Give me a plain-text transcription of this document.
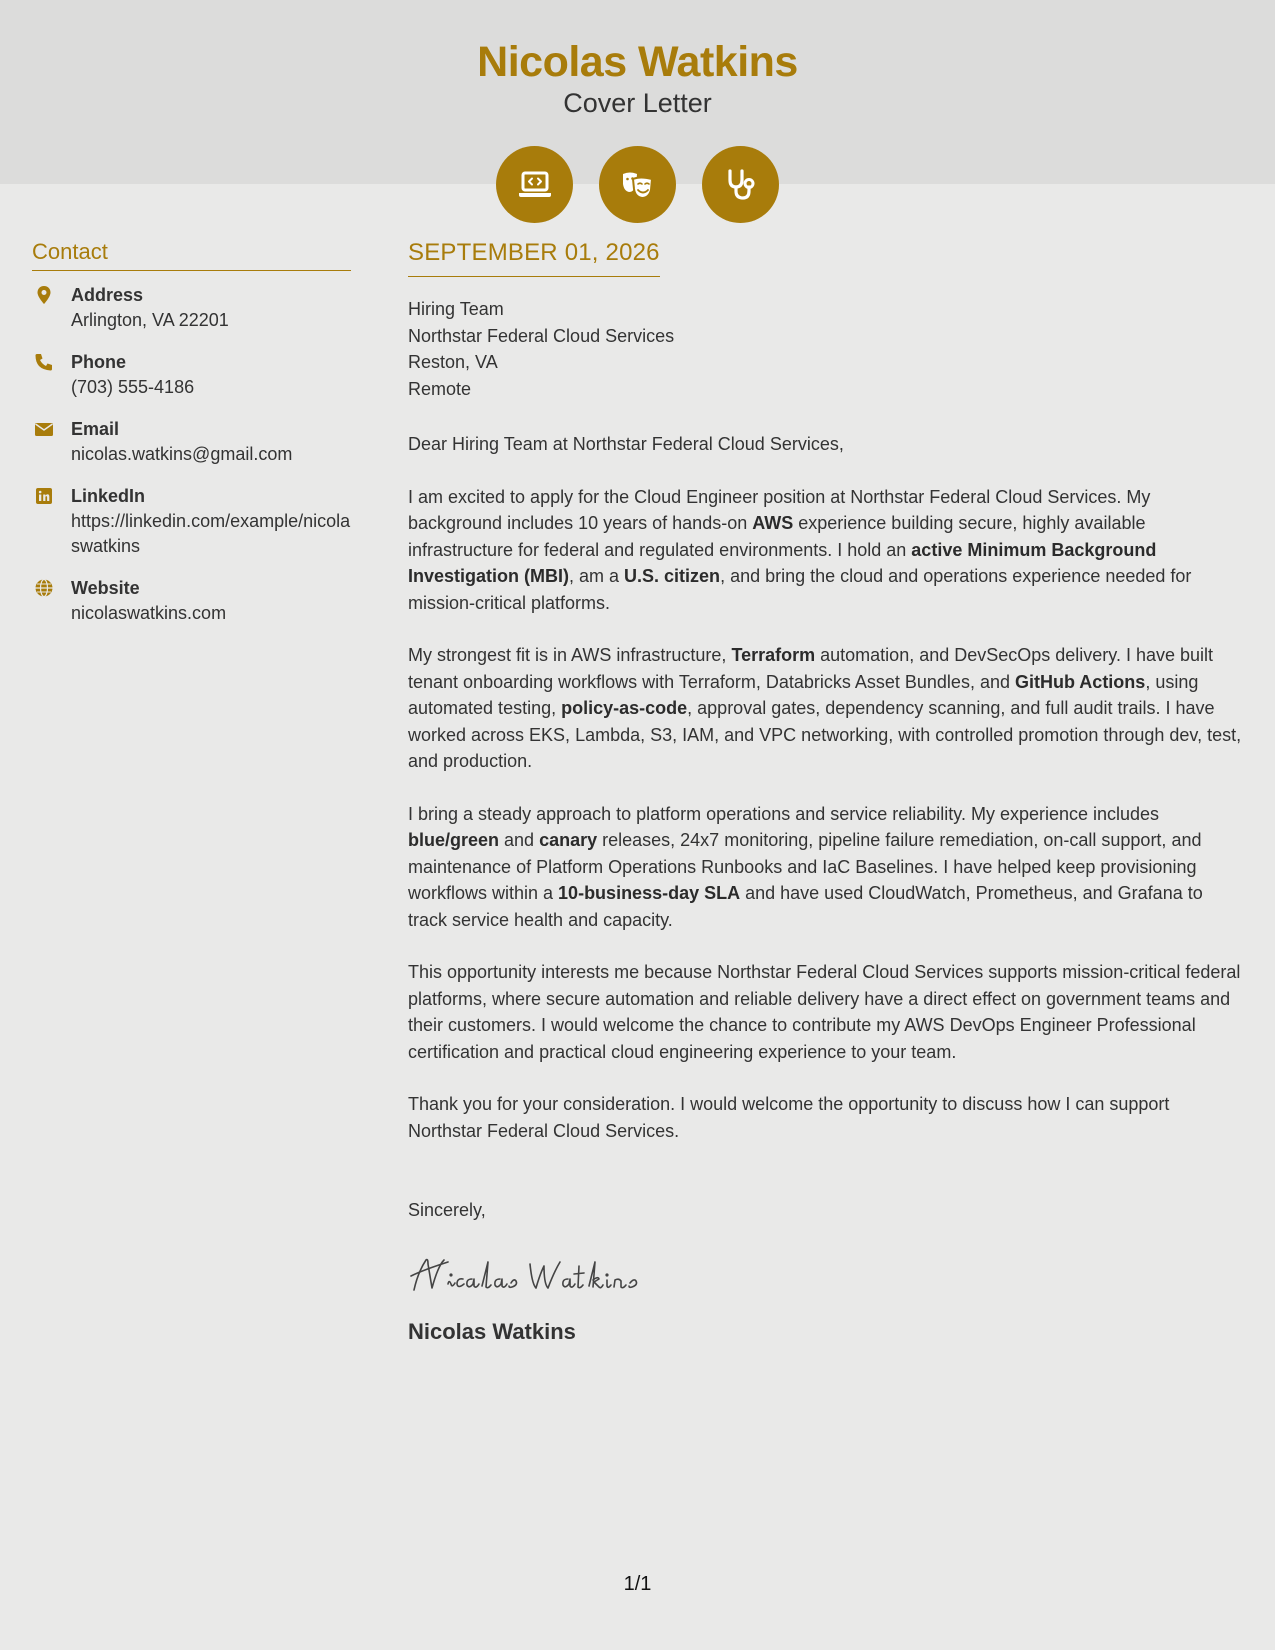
Nicolas Watkins
Cover Letter
Contact
Address
Arlington, VA 22201
Phone
(703) 555-4186
Email
nicolas.watkins@gmail.com
LinkedIn
https://linkedin.com/example/nicolaswatkins
Website
nicolaswatkins.com
SEPTEMBER 01, 2026
Hiring Team
Northstar Federal Cloud Services
Reston, VA
Remote
Dear Hiring Team at Northstar Federal Cloud Services,
I am excited to apply for the Cloud Engineer position at Northstar Federal Cloud Services. My background includes 10 years of hands-on AWS experience building secure, highly available infrastructure for federal and regulated environments. I hold an active Minimum Background Investigation (MBI), am a U.S. citizen, and bring the cloud and operations experience needed for mission-critical platforms.
My strongest fit is in AWS infrastructure, Terraform automation, and DevSecOps delivery. I have built tenant onboarding workflows with Terraform, Databricks Asset Bundles, and GitHub Actions, using automated testing, policy-as-code, approval gates, dependency scanning, and full audit trails. I have worked across EKS, Lambda, S3, IAM, and VPC networking, with controlled promotion through dev, test, and production.
I bring a steady approach to platform operations and service reliability. My experience includes blue/green and canary releases, 24x7 monitoring, pipeline failure remediation, on-call support, and maintenance of Platform Operations Runbooks and IaC Baselines. I have helped keep provisioning workflows within a 10-business-day SLA and have used CloudWatch, Prometheus, and Grafana to track service health and capacity.
This opportunity interests me because Northstar Federal Cloud Services supports mission-critical federal platforms, where secure automation and reliable delivery have a direct effect on government teams and their customers. I would welcome the chance to contribute my AWS DevOps Engineer Professional certification and practical cloud engineering experience to your team.
Thank you for your consideration. I would welcome the opportunity to discuss how I can support Northstar Federal Cloud Services.
Sincerely,
Nicolas Watkins
1/1
